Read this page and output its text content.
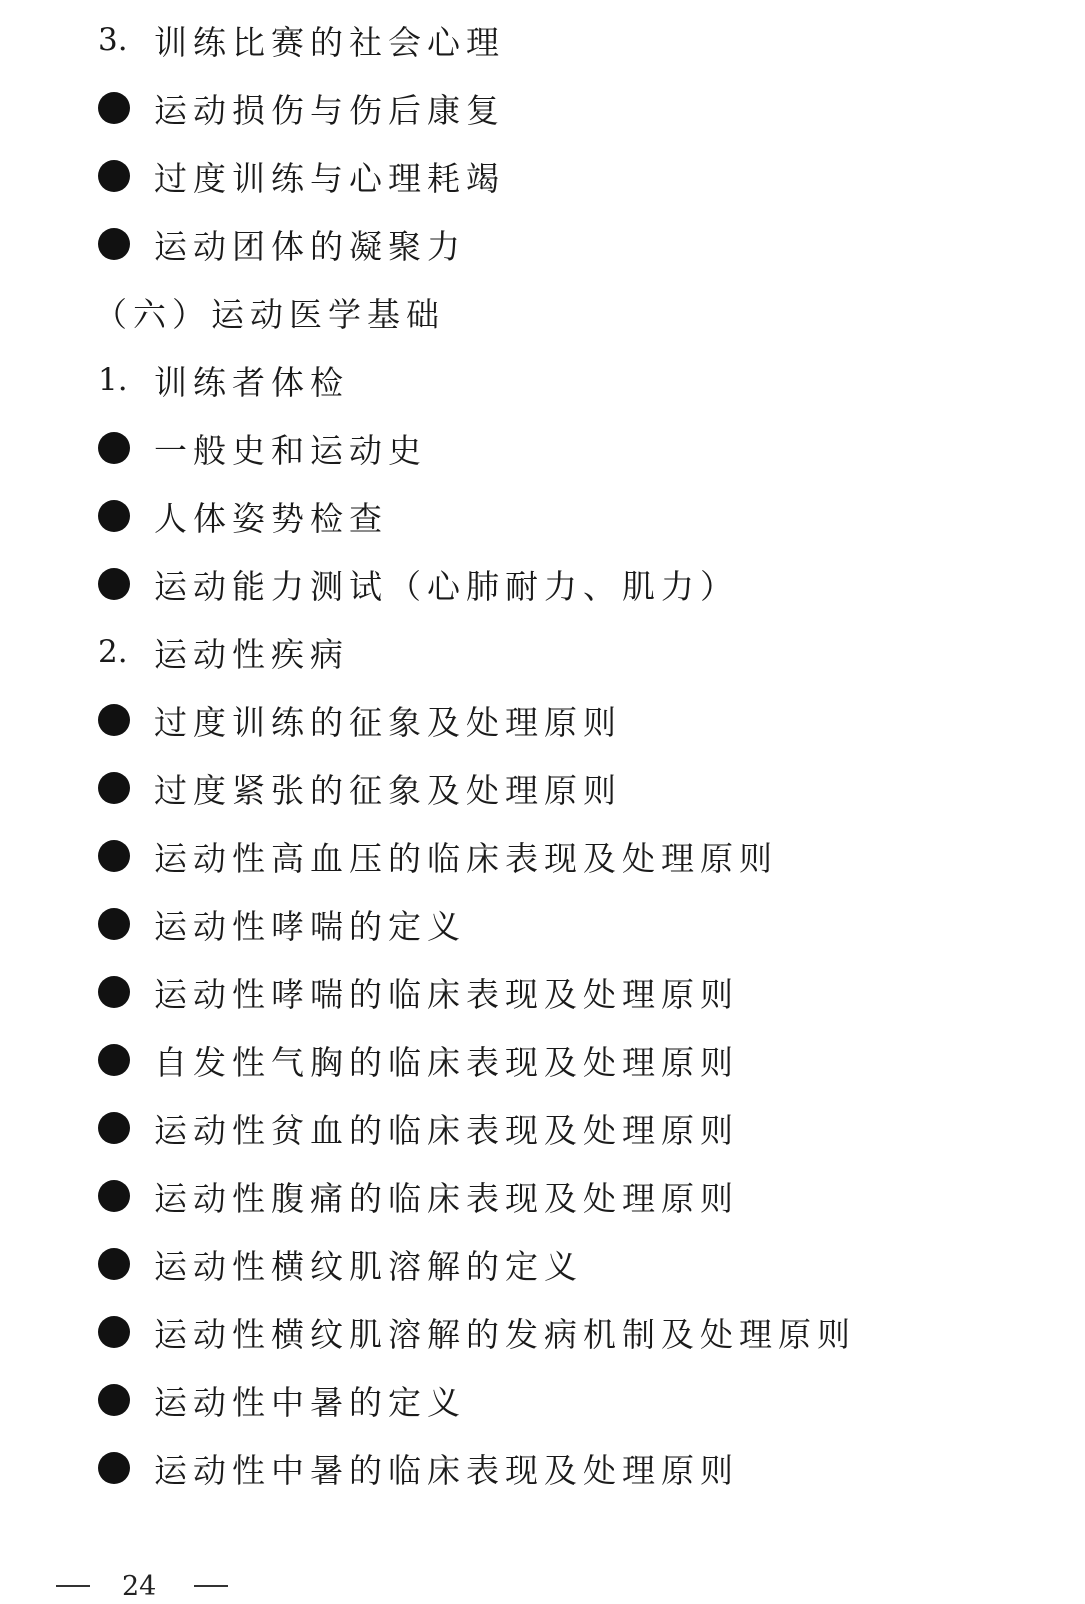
3. 训练比赛的社会心理
运动损伤与伤后康复
过度训练与心理耗竭
运动团体的凝聚力
（六）运动医学基础
1. 训练者体检
一般史和运动史
人体姿势检查
运动能力测试（心肺耐力、肌力）
2. 运动性疾病
过度训练的征象及处理原则
过度紧张的征象及处理原则
运动性高血压的临床表现及处理原则
运动性哮喘的定义
运动性哮喘的临床表现及处理原则
自发性气胸的临床表现及处理原则
运动性贫血的临床表现及处理原则
运动性腹痛的临床表现及处理原则
运动性横纹肌溶解的定义
运动性横纹肌溶解的发病机制及处理原则
运动性中暑的定义
运动性中暑的临床表现及处理原则
24
